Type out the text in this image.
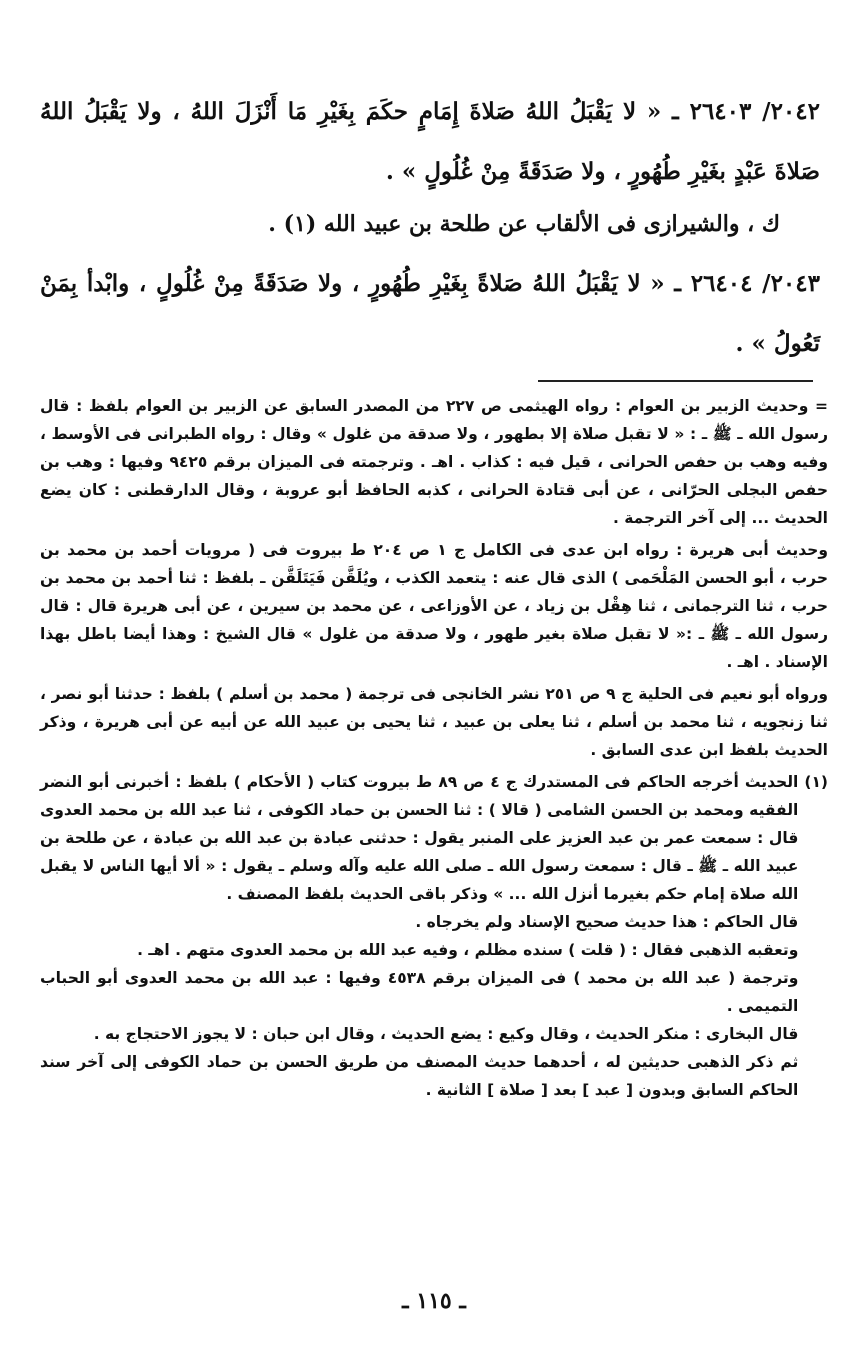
٢٠٤٢/ ٢٦٤٠٣ ـ « لا يَقْبَلُ اللهُ صَلاةَ إِمَامٍ حكَمَ بِغَيْرِ مَا أَنْزَلَ اللهُ ، ولا يَقْبَلُ اللهُ صَلاةَ عَبْدٍ بغَيْرِ طُهُورٍ ، ولا صَدَقَةً مِنْ غُلُولٍ » .

ك ، والشيرازى فى الألقاب عن طلحة بن عبيد الله (١) .

٢٠٤٣/ ٢٦٤٠٤ ـ « لا يَقْبَلُ اللهُ صَلاةً بِغَيْرِ طُهُورٍ ، ولا صَدَقَةً مِنْ غُلُولٍ ، وابْدأ بِمَنْ تَعُولُ » .

= وحديث الزبير بن العوام : رواه الهيثمى ص ٢٢٧ من المصدر السابق عن الزبير بن العوام بلفظ : قال رسول الله ـ ﷺ ـ : « لا تقبل صلاة إلا بطهور ، ولا صدقة من غلول » وقال : رواه الطبرانى فى الأوسط ، وفيه وهب بن حفص الحرانى ، قيل فيه : كذاب . اهـ . وترجمته فى الميزان برقم ٩٤٢٥ وفيها : وهب بن حفص البجلى الحرّانى ، عن أبى قتادة الحرانى ، كذبه الحافظ أبو عروبة ، وقال الدارقطنى : كان يضع الحديث ... إلى آخر الترجمة .

وحديث أبى هريرة : رواه ابن عدى فى الكامل ج ١ ص ٢٠٤ ط بيروت فى ( مرويات أحمد بن محمد بن حرب ، أبو الحسن المَلْحَمى ) الذى قال عنه : يتعمد الكذب ، ويُلَقَّن فَيَتَلَقَّن ـ بلفظ : ثنا أحمد بن محمد بن حرب ، ثنا الترجمانى ، ثنا هِقْل بن زياد ، عن الأوزاعى ، عن محمد بن سيرين ، عن أبى هريرة قال : قال رسول الله ـ ﷺ ـ :« لا تقبل صلاة بغير طهور ، ولا صدقة من غلول » قال الشيخ : وهذا أيضا باطل بهذا الإسناد . اهـ .

ورواه أبو نعيم فى الحلية ج ٩ ص ٢٥١ نشر الخانجى فى ترجمة ( محمد بن أسلم ) بلفظ : حدثنا أبو نصر ، ثنا زنجويه ، ثنا محمد بن أسلم ، ثنا يعلى بن عبيد ، ثنا يحيى بن عبيد الله عن أبيه عن أبى هريرة ، وذكر الحديث بلفظ ابن عدى السابق .

(١)

الحديث أخرجه الحاكم فى المستدرك ج ٤ ص ٨٩ ط بيروت كتاب ( الأحكام ) بلفظ : أخبرنى أبو النضر الفقيه ومحمد بن الحسن الشامى ( قالا ) : ثنا الحسن بن حماد الكوفى ، ثنا عبد الله بن محمد العدوى قال : سمعت عمر بن عبد العزيز على المنبر يقول : حدثنى عبادة بن عبد الله بن عبادة ، عن طلحة بن عبيد الله ـ ﷺ ـ قال : سمعت رسول الله ـ صلى الله عليه وآله وسلم ـ يقول : « ألا أيها الناس لا يقبل الله صلاة إمام حكم بغيرما أنزل الله ... » وذكر باقى الحديث بلفظ المصنف .

قال الحاكم : هذا حديث صحيح الإسناد ولم يخرجاه .

وتعقبه الذهبى فقال : ( قلت ) سنده مظلم ، وفيه عبد الله بن محمد العدوى متهم . اهـ .

وترجمة ( عبد الله بن محمد ) فى الميزان برقم ٤٥٣٨ وفيها : عبد الله بن محمد العدوى أبو الحباب التميمى .

قال البخارى : منكر الحديث ، وقال وكيع : يضع الحديث ، وقال ابن حبان : لا يجوز الاحتجاج به .

ثم ذكر الذهبى حديثين له ، أحدهما حديث المصنف من طريق الحسن بن حماد الكوفى إلى آخر سند الحاكم السابق وبدون [ عبد ] بعد [ صلاة ] الثانية .

ـ ١١٥ ـ
